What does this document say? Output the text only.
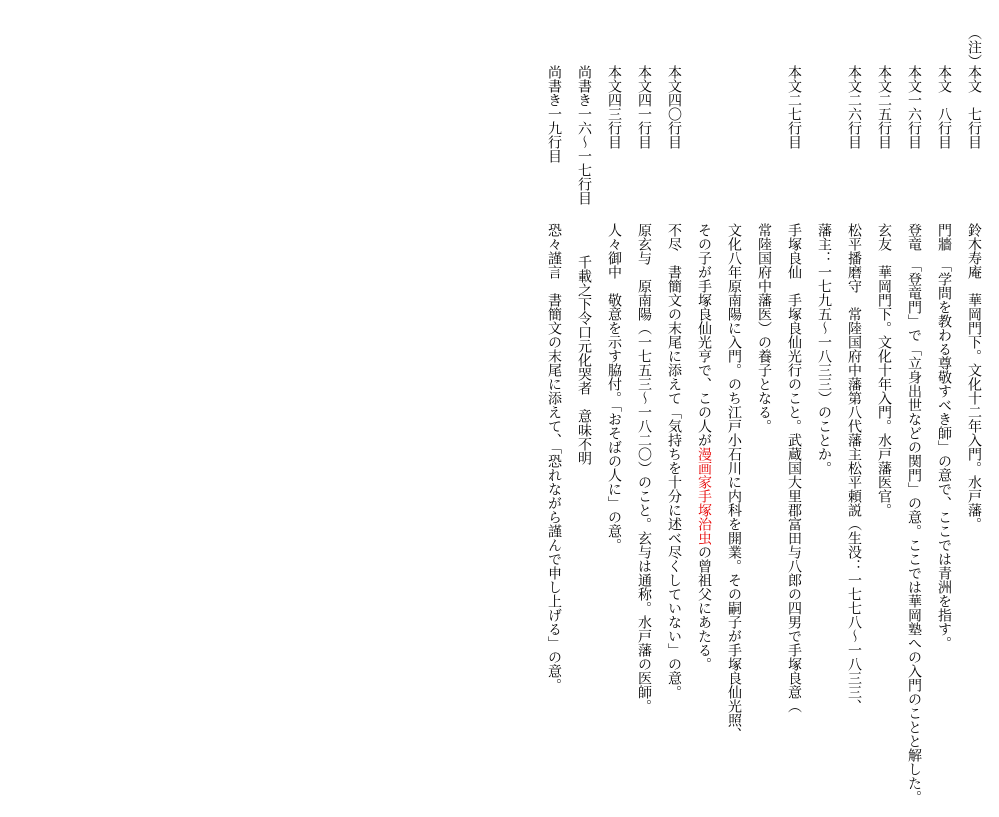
（注）
本文　七行目
鈴木寿庵　華岡門下。文化十二年入門。水戸藩。
本文　八行目
門牆　「学問を教わる尊敬すべき師」の意で、ここでは青洲を指す。
本文一六行目
登竜　「登竜門」で「立身出世などの関門」の意。ここでは華岡塾への入門のことと解した。
本文二五行目
玄友　華岡門下。文化十年入門。水戸藩医官。
本文二六行目
松平播磨守　常陸国府中藩第八代藩主松平頼説（生没：一七七八～一八三三、
藩主：一七九五～一八三三）のことか。
本文二七行目
手塚良仙　手塚良仙光行のこと。武蔵国大里郡富田与八郎の四男で手塚良意（
常陸国府中藩医）の養子となる。
文化八年原南陽に入門。のち江戸小石川に内科を開業。その嗣子が手塚良仙光照、
その子が手塚良仙光亨で、この人が漫画家手塚治虫の曾祖父にあたる。
本文四〇行目
不尽　書簡文の末尾に添えて「気持ちを十分に述べ尽くしていない」の意。
本文四一行目
原玄与　原南陽（一七五三～一八二〇）のこと。玄与は通称。水戸藩の医師。
本文四三行目
人々御中　敬意を示す脇付。「おそばの人に」の意。
尚書き一六～一七行目
千載之下令口元化哭者　意味不明
尚書き一九行目
恐々謹言　書簡文の末尾に添えて、「恐れながら謹んで申し上げる」の意。
